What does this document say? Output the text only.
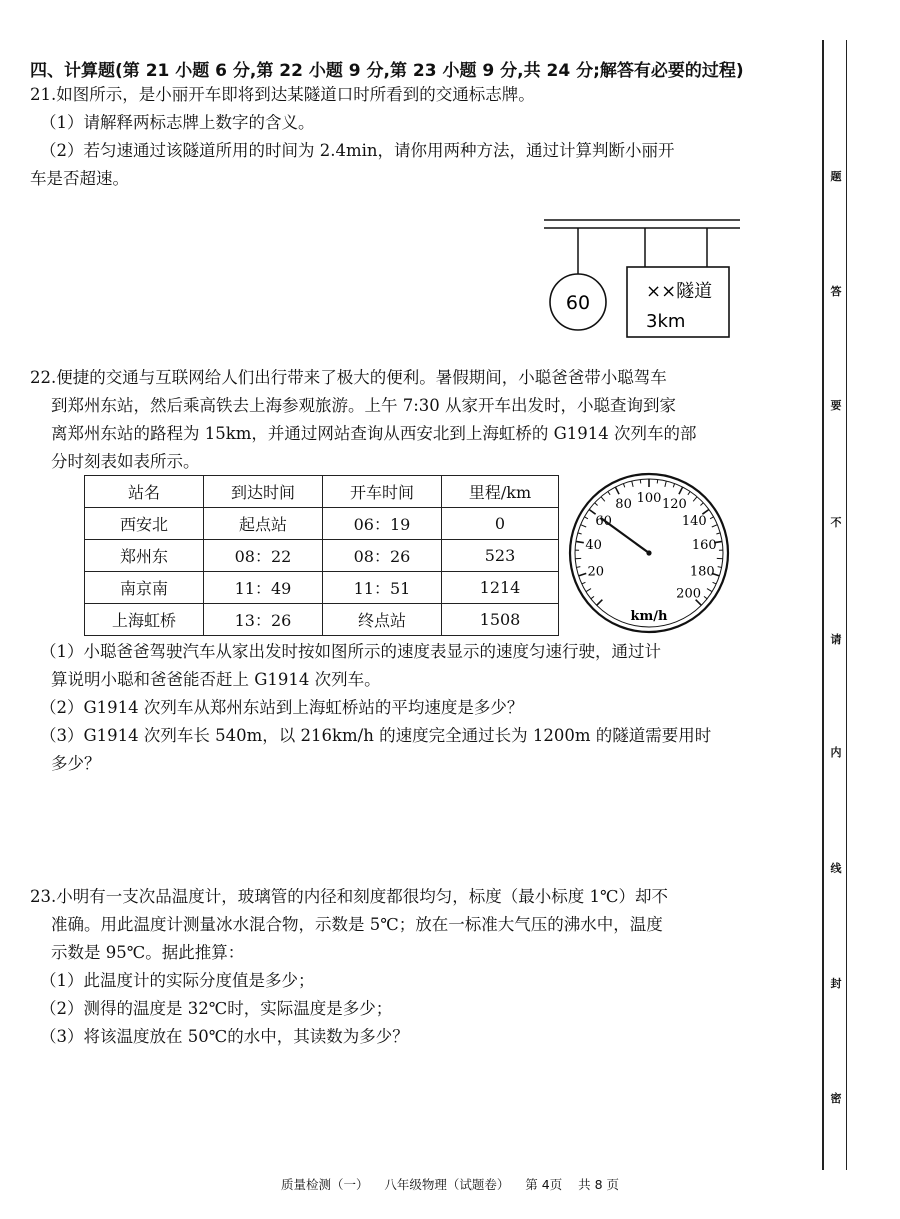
四、计算题(第 21 小题 6 分,第 22 小题 9 分,第 23 小题 9 分,共 24 分;解答有必要的过程)
21.如图所示，是小丽开车即将到达某隧道口时所看到的交通标志牌。
（1）请解释两标志牌上数字的含义。
（2）若匀速通过该隧道所用的时间为 2.4min，请你用两种方法，通过计算判断小丽开
车是否超速。
60
××隧道
3km
22.便捷的交通与互联网给人们出行带来了极大的便利。暑假期间，小聪爸爸带小聪驾车
到郑州东站，然后乘高铁去上海参观旅游。上午 7:30 从家开车出发时，小聪查询到家
离郑州东站的路程为 15km，并通过网站查询从西安北到上海虹桥的 G1914 次列车的部
分时刻表如表所示。
站名	到达时间	开车时间	里程/km
西安北	起点站	06：19	0
郑州东	08：22	08：26	523
南京南	11：49	11：51	1214
上海虹桥	13：26	终点站	1508
20
40
60
80 100 120
140
160
180
200
km/h
（1）小聪爸爸驾驶汽车从家出发时按如图所示的速度表显示的速度匀速行驶，通过计
算说明小聪和爸爸能否赶上 G1914 次列车。
（2）G1914 次列车从郑州东站到上海虹桥站的平均速度是多少？
（3）G1914 次列车长 540m，以 216km/h 的速度完全通过长为 1200m 的隧道需要用时
多少？
23.小明有一支次品温度计，玻璃管的内径和刻度都很均匀，标度（最小标度 1℃）却不
准确。用此温度计测量冰水混合物，示数是 5℃；放在一标准大气压的沸水中，温度
示数是 95℃。据此推算：
（1）此温度计的实际分度值是多少；
（2）测得的温度是 32℃时，实际温度是多少；
（3）将该温度放在 50℃的水中，其读数为多少？
题
答
要
不
请
内
线
封
密
质量检测（一）    八年级物理（试题卷）    第 4页    共 8 页
